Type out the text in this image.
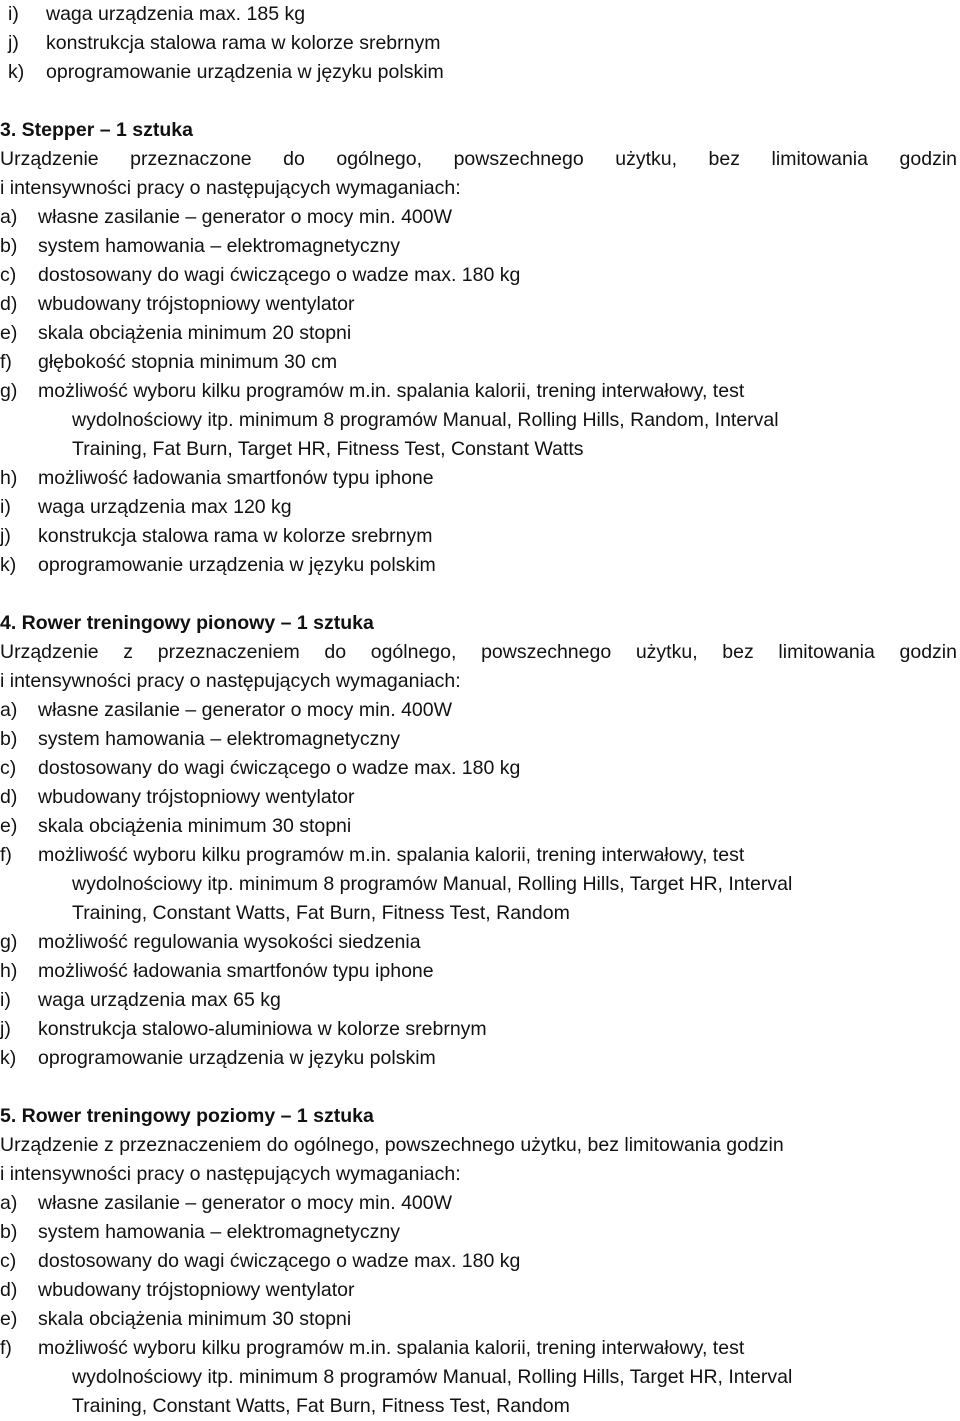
i)	waga urządzenia max. 185 kg
j)	konstrukcja stalowa rama w kolorze srebrnym
k)	oprogramowanie urządzenia w języku polskim
3. Stepper – 1 sztuka
Urządzenie przeznaczone do ogólnego, powszechnego użytku, bez limitowania godzin
i intensywności pracy o następujących wymaganiach:
a)	własne zasilanie – generator o mocy min. 400W
b)	system hamowania – elektromagnetyczny
c)	dostosowany do wagi ćwiczącego o wadze max. 180 kg
d)	wbudowany trójstopniowy wentylator
e)	skala obciążenia minimum 20 stopni
f)	głębokość stopnia minimum 30 cm
g)	możliwość wyboru kilku programów m.in. spalania kalorii, trening interwałowy, test
wydolnościowy itp. minimum 8 programów Manual, Rolling Hills, Random, Interval
Training, Fat Burn, Target HR, Fitness Test, Constant Watts
h)	możliwość ładowania smartfonów typu iphone
i)	waga urządzenia max 120 kg
j)	konstrukcja stalowa rama w kolorze srebrnym
k)	oprogramowanie urządzenia w języku polskim
4. Rower treningowy pionowy – 1 sztuka
Urządzenie z przeznaczeniem do ogólnego, powszechnego użytku, bez limitowania godzin
i intensywności pracy o następujących wymaganiach:
a)	własne zasilanie – generator o mocy min. 400W
b)	system hamowania – elektromagnetyczny
c)	dostosowany do wagi ćwiczącego o wadze max. 180 kg
d)	wbudowany trójstopniowy wentylator
e)	skala obciążenia minimum 30 stopni
f)	możliwość wyboru kilku programów m.in. spalania kalorii, trening interwałowy, test
wydolnościowy itp. minimum 8 programów Manual, Rolling Hills, Target HR, Interval
Training, Constant Watts, Fat Burn, Fitness Test, Random
g)	możliwość regulowania wysokości siedzenia
h)	możliwość ładowania smartfonów typu iphone
i)	waga urządzenia max 65 kg
j)	konstrukcja stalowo-aluminiowa w kolorze srebrnym
k)	oprogramowanie urządzenia w języku polskim
5. Rower treningowy poziomy – 1 sztuka
Urządzenie z przeznaczeniem do ogólnego, powszechnego użytku, bez limitowania godzin
i intensywności pracy o następujących wymaganiach:
a)	własne zasilanie – generator o mocy min. 400W
b)	system hamowania – elektromagnetyczny
c)	dostosowany do wagi ćwiczącego o wadze max. 180 kg
d)	wbudowany trójstopniowy wentylator
e)	skala obciążenia minimum 30 stopni
f)	możliwość wyboru kilku programów m.in. spalania kalorii, trening interwałowy, test
wydolnościowy itp. minimum 8 programów Manual, Rolling Hills, Target HR, Interval
Training, Constant Watts, Fat Burn, Fitness Test, Random
